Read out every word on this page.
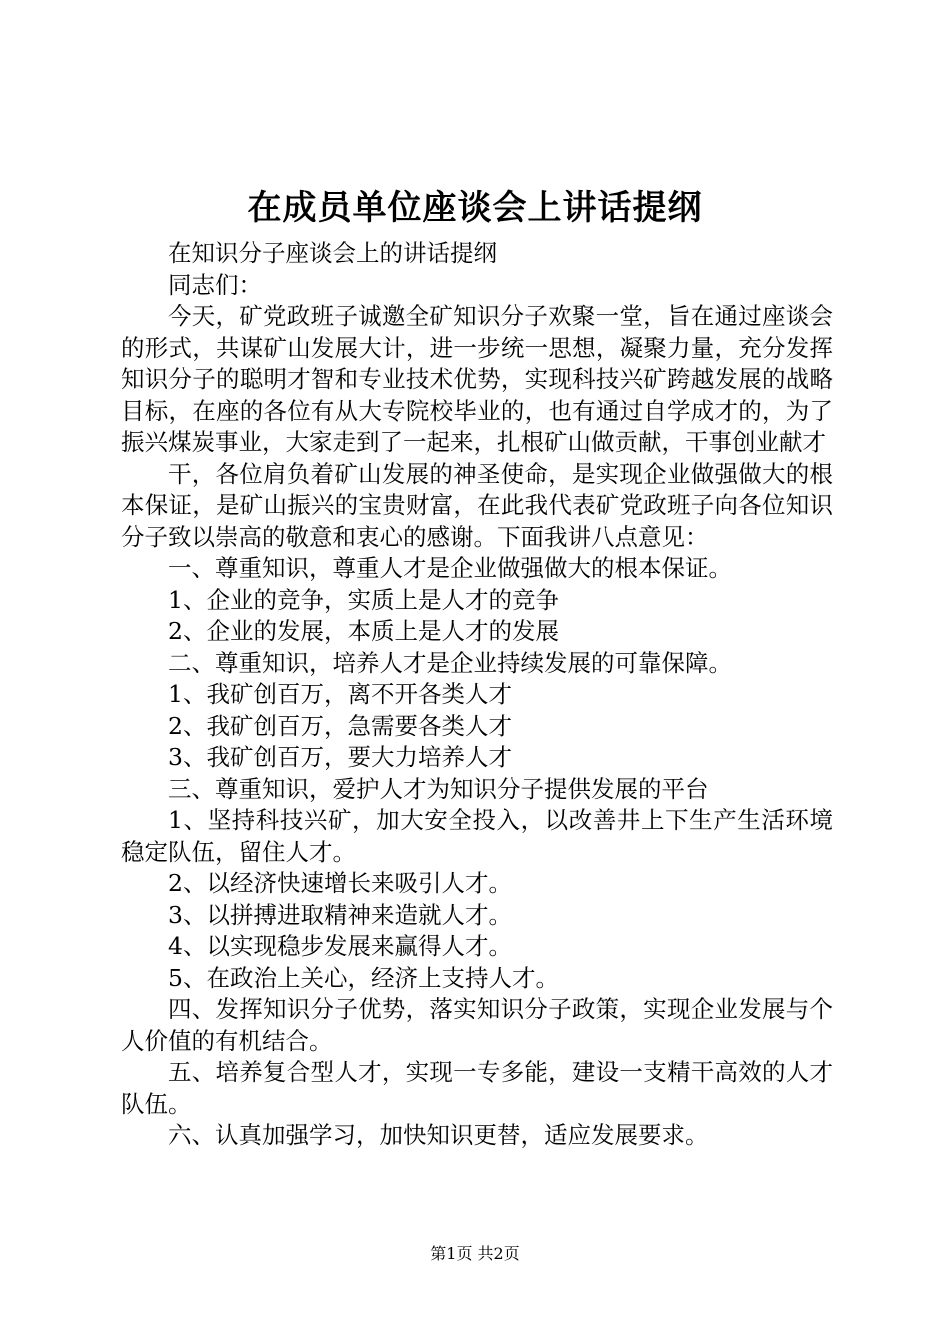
在成员单位座谈会上讲话提纲

在知识分子座谈会上的讲话提纲

同志们：

今天，矿党政班子诚邀全矿知识分子欢聚一堂，旨在通过座谈会的形式，共谋矿山发展大计，进一步统一思想，凝聚力量，充分发挥知识分子的聪明才智和专业技术优势，实现科技兴矿跨越发展的战略目标，在座的各位有从大专院校毕业的，也有通过自学成才的，为了振兴煤炭事业，大家走到了一起来，扎根矿山做贡献，干事创业献才

干，各位肩负着矿山发展的神圣使命，是实现企业做强做大的根本保证，是矿山振兴的宝贵财富，在此我代表矿党政班子向各位知识分子致以崇高的敬意和衷心的感谢。下面我讲八点意见：

一、尊重知识，尊重人才是企业做强做大的根本保证。

1、企业的竞争，实质上是人才的竞争

2、企业的发展，本质上是人才的发展

二、尊重知识，培养人才是企业持续发展的可靠保障。

1、我矿创百万，离不开各类人才

2、我矿创百万，急需要各类人才

3、我矿创百万，要大力培养人才

三、尊重知识，爱护人才为知识分子提供发展的平台

1、坚持科技兴矿，加大安全投入，以改善井上下生产生活环境稳定队伍，留住人才。

2、以经济快速增长来吸引人才。

3、以拼搏进取精神来造就人才。

4、以实现稳步发展来赢得人才。

5、在政治上关心，经济上支持人才。

四、发挥知识分子优势，落实知识分子政策，实现企业发展与个人价值的有机结合。

五、培养复合型人才，实现一专多能，建设一支精干高效的人才队伍。

六、认真加强学习，加快知识更替，适应发展要求。

第1页 共2页
